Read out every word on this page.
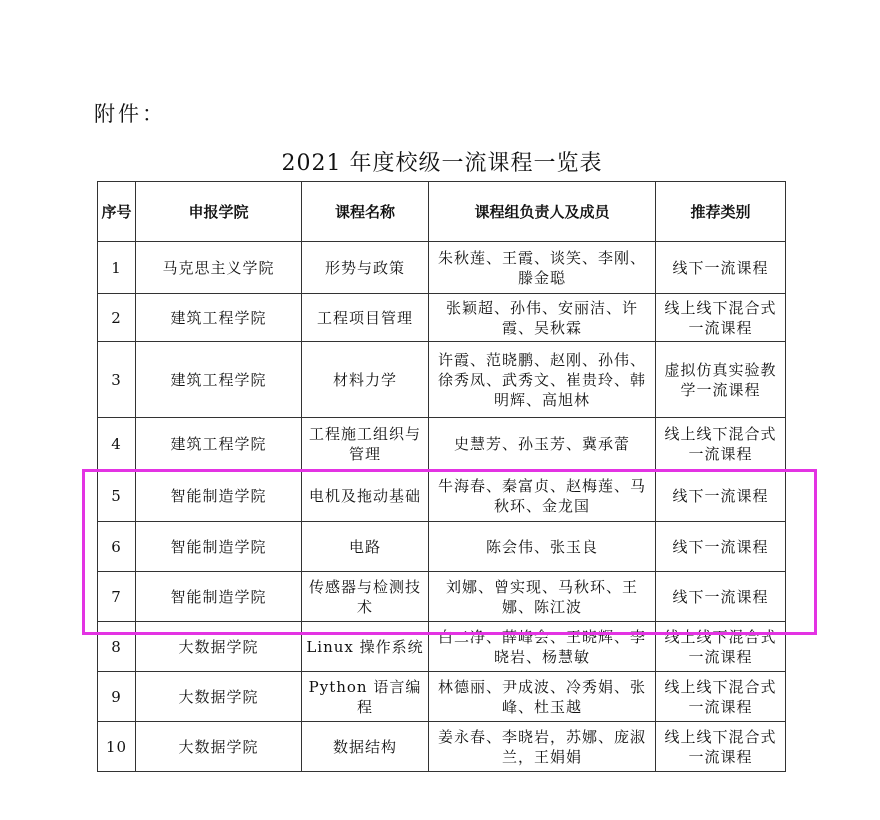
附件：
2021 年度校级一流课程一览表
序号	申报学院	课程名称	课程组负责人及成员	推荐类别
1	马克思主义学院	形势与政策	朱秋莲、王霞、谈笑、李刚、滕金聪	线下一流课程
2	建筑工程学院	工程项目管理	张颖超、孙伟、安丽洁、许霞、吴秋霖	线上线下混合式一流课程
3	建筑工程学院	材料力学	许霞、范晓鹏、赵刚、孙伟、徐秀凤、武秀文、崔贵玲、韩明辉、高旭林	虚拟仿真实验教学一流课程
4	建筑工程学院	工程施工组织与管理	史慧芳、孙玉芳、冀承蕾	线上线下混合式一流课程
5	智能制造学院	电机及拖动基础	牛海春、秦富贞、赵梅莲、马秋环、金龙国	线下一流课程
6	智能制造学院	电路	陈会伟、张玉良	线下一流课程
7	智能制造学院	传感器与检测技术	刘娜、曾实现、马秋环、王娜、陈江波	线下一流课程
8	大数据学院	Linux 操作系统	白二净、薛峰会、王晓辉、李晓岩、杨慧敏	线上线下混合式一流课程
9	大数据学院	Python 语言编程	林德丽、尹成波、冷秀娟、张峰、杜玉越	线上线下混合式一流课程
10	大数据学院	数据结构	姜永春、李晓岩，苏娜、庞淑兰，王娟娟	线上线下混合式一流课程
